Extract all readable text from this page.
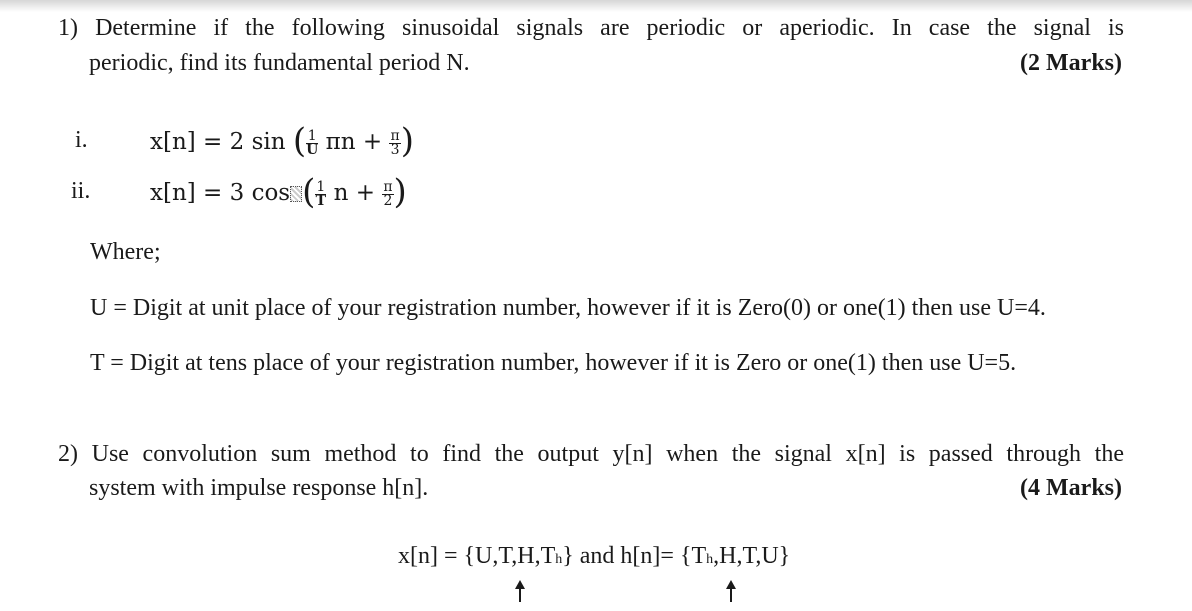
1) Determine if the following sinusoidal signals are periodic or aperiodic. In case the signal is
periodic, find its fundamental period N.	(2 Marks)
i.	x[n] = 2 sin ( $\frac{1}{U}$ $\pi n + \frac{\pi}{3}$ )
ii.	x[n] = 3 cos ( $\frac{1}{T}$ $n + \frac{\pi}{2}$ )
Where;
U = Digit at unit place of your registration number, however if it is Zero(0) or one(1) then use U=4.
T = Digit at tens place of your registration number, however if it is Zero or one(1) then use U=5.
2) Use convolution sum method to find the output y[n] when the signal x[n] is passed through the
system with impulse response h[n].	(4 Marks)
x[n] = {U,T,H,Th} and h[n]= {Th,H,T,U}
